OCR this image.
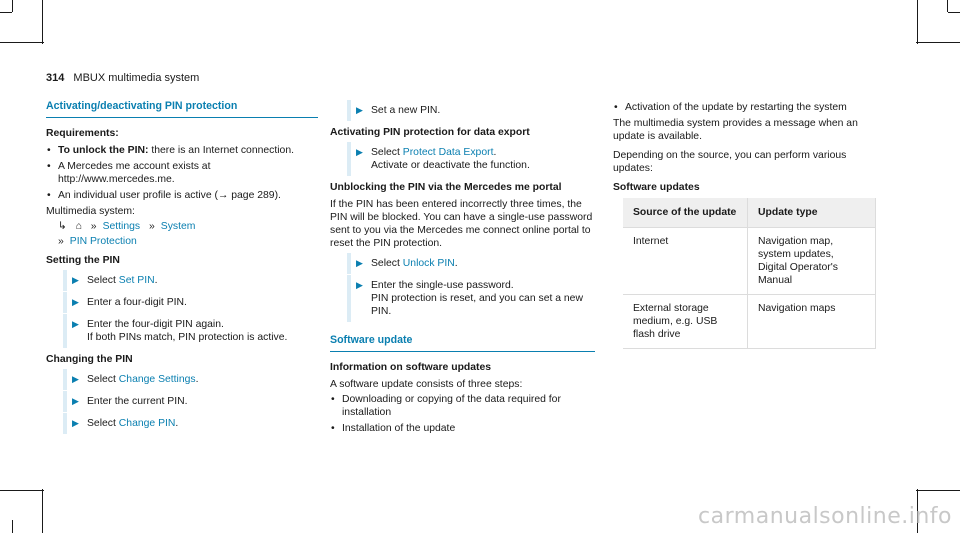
314 MBUX multimedia system
Activating/deactivating PIN protection
Requirements:
• To unlock the PIN: there is an Internet connection.
• A Mercedes me account exists at http://www.mercedes.me.
• An individual user profile is active (→ page 289).

Multimedia system:

↳ ⌂ » Settings » System
» PIN Protection
Setting the PIN
▶ Select Set PIN.
▶ Enter a four-digit PIN.
▶ Enter the four-digit PIN again.
If both PINs match, PIN protection is active.
Changing the PIN
▶ Select Change Settings.
▶ Enter the current PIN.
▶ Select Change PIN.
▶ Set a new PIN.
Activating PIN protection for data export
▶ Select Protect Data Export.
Activate or deactivate the function.
Unblocking the PIN via the Mercedes me portal

If the PIN has been entered incorrectly three times, the PIN will be blocked. You can have a single-use password sent to you via the Mercedes me connect online portal to reset the PIN protection.

▶ Select Unlock PIN.
▶ Enter the single-use password.
PIN protection is reset, and you can set a new PIN.
Software update
Information on software updates

A software update consists of three steps:

• Downloading or copying of the data required for installation
• Installation of the update
• Activation of the update by restarting the system

The multimedia system provides a message when an update is available.

Depending on the source, you can perform various updates:

Software updates
Source of the update	Update type
Internet	Navigation map, system updates, Digital Operator's Manual
External storage medium, e.g. USB flash drive	Navigation maps
carmanualsonline.info
